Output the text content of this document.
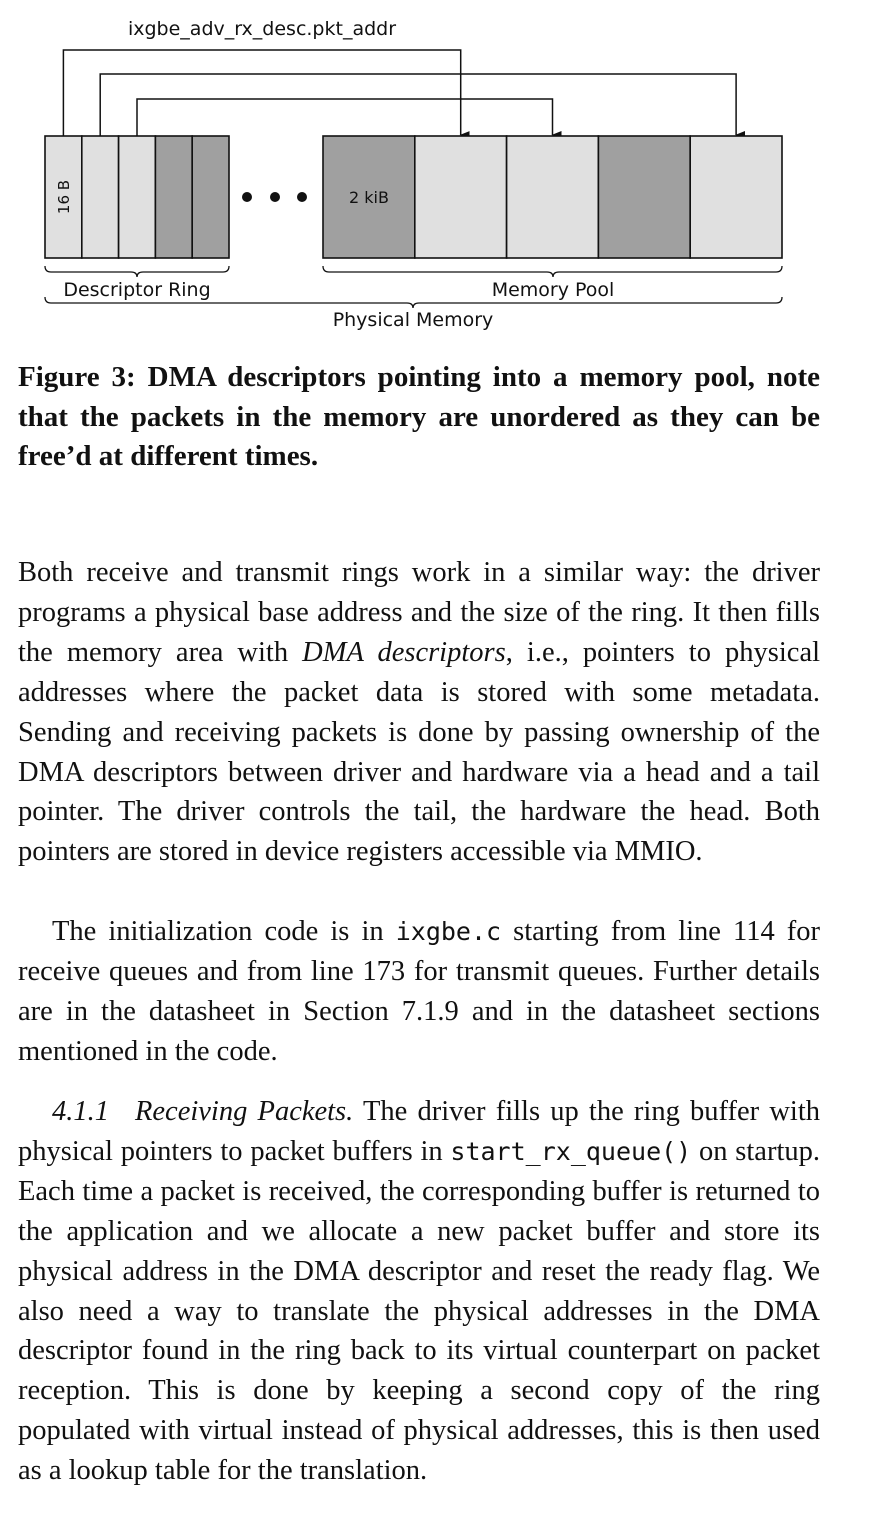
ixgbe_adv_rx_desc.pkt_addr
16 B	2 kiB
Descriptor Ring	Memory Pool
Physical Memory

Figure 3: DMA descriptors pointing into a memory pool, note that the packets in the memory are unordered as they can be free’d at different times.

Both receive and transmit rings work in a similar way: the driver programs a physical base address and the size of the ring. It then fills the memory area with DMA descriptors, i.e., pointers to physical addresses where the packet data is stored with some metadata. Sending and receiving packets is done by passing ownership of the DMA descriptors between driver and hardware via a head and a tail pointer. The driver controls the tail, the hardware the head. Both pointers are stored in device registers accessible via MMIO.

The initialization code is in ixgbe.c starting from line 114 for receive queues and from line 173 for transmit queues. Further details are in the datasheet in Section 7.1.9 and in the datasheet sections mentioned in the code.

4.1.1 Receiving Packets. The driver fills up the ring buffer with physical pointers to packet buffers in start_rx_queue() on startup. Each time a packet is received, the corresponding buffer is returned to the application and we allocate a new packet buffer and store its physical address in the DMA descriptor and reset the ready flag. We also need a way to translate the physical addresses in the DMA descriptor found in the ring back to its virtual counterpart on packet reception. This is done by keeping a second copy of the ring populated with virtual instead of physical addresses, this is then used as a lookup table for the translation.
